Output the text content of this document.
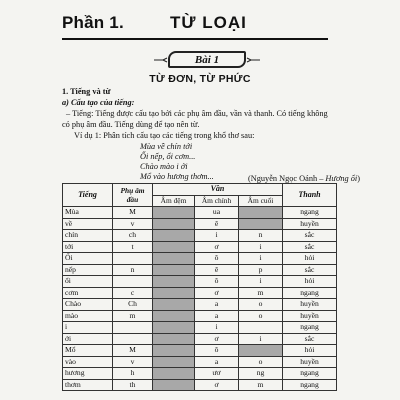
Phần 1.	TỪ LOẠI
Bài 1
TỪ ĐƠN, TỪ PHỨC
1. Tiếng và từ
a) Cấu tạo của tiếng:
– Tiếng: Tiếng được cấu tạo bởi các phụ âm đầu, vần và thanh. Có tiếng không
có phụ âm đầu. Tiếng dùng để tạo nên từ.
Ví dụ 1: Phân tích cấu tạo các tiếng trong khổ thơ sau:
Mùa về chín tới
Ổi nếp, ổi cơm...
Chào mào i ới
Mổ vào hương thơm...	(Nguyễn Ngọc Oánh – Hương ổi)
Tiếng	Phụ âm đầu	Vần			Thanh
		Âm đệm	Âm chính	Âm cuối	
Mùa	M		ua		ngang
về	v		ê		huyền
chín	ch		i	n	sắc
tới	t		ơ	i	sắc
Ổi			ô	i	hỏi
nếp	n		ê	p	sắc
ổi			ô	i	hỏi
cơm	c		ơ	m	ngang
Chào	Ch		a	o	huyền
mào	m		a	o	huyền
i			i		ngang
ới			ơ	i	sắc
Mổ	M		ô		hỏi
vào	v		a	o	huyền
hương	h		ươ	ng	ngang
thơm	th		ơ	m	ngang
